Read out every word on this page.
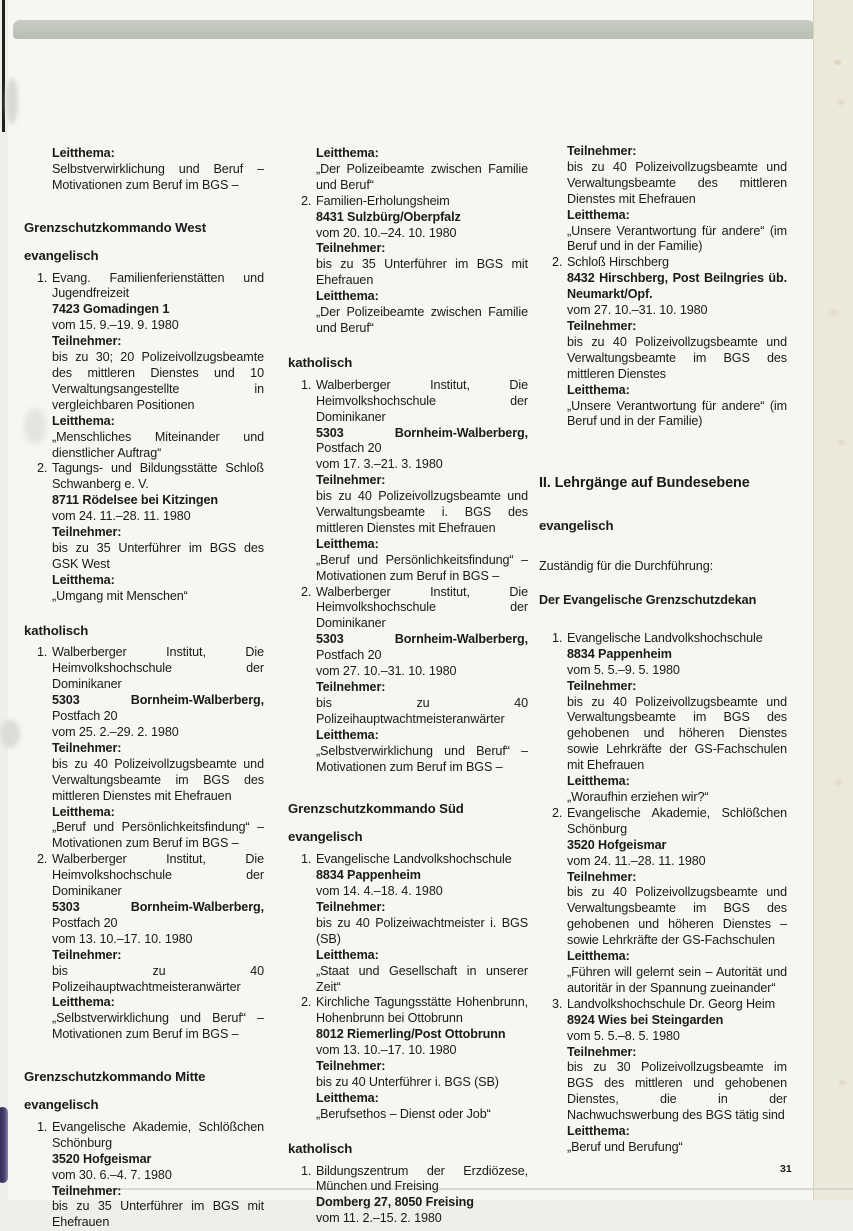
Leitthema:

Selbstverwirklichung und Beruf – Motivationen zum Beruf im BGS –

Grenzschutzkommando West
evangelisch
1. Evang. Familienferienstätten und Jugendfreizeit

7423 Gomadingen 1

vom 15. 9.–19. 9. 1980

Teilnehmer:

bis zu 30; 20 Polizeivollzugsbeamte des mittleren Dienstes und 10 Verwaltungsangestellte in vergleichbaren Positionen

Leitthema:

„Menschliches Miteinander und dienstlicher Auftrag“

2. Tagungs- und Bildungsstätte Schloß Schwanberg e. V.

8711 Rödelsee bei Kitzingen

vom 24. 11.–28. 11. 1980

Teilnehmer:

bis zu 35 Unterführer im BGS des GSK West

Leitthema:

„Umgang mit Menschen“

katholisch
1. Walberberger Institut, Die Heimvolkshochschule der Dominikaner

5303 Bornheim-Walberberg, Postfach 20

vom 25. 2.–29. 2. 1980

Teilnehmer:

bis zu 40 Polizeivollzugsbeamte und Verwaltungsbeamte im BGS des mittleren Dienstes mit Ehefrauen

Leitthema:

„Beruf und Persönlichkeitsfindung“ – Motivationen zum Beruf im BGS –

2. Walberberger Institut, Die Heimvolkshochschule der Dominikaner

5303 Bornheim-Walberberg, Postfach 20

vom 13. 10.–17. 10. 1980

Teilnehmer:

bis zu 40 Polizeihauptwachtmeisteranwärter

Leitthema:

„Selbstverwirklichung und Beruf“ – Motivationen zum Beruf im BGS –

Grenzschutzkommando Mitte
evangelisch
1. Evangelische Akademie, Schlößchen Schönburg

3520 Hofgeismar

vom 30. 6.–4. 7. 1980

Teilnehmer:

bis zu 35 Unterführer im BGS mit Ehefrauen

Leitthema:

„Der Polizeibeamte zwischen Familie und Beruf“

2. Familien-Erholungsheim

8431 Sulzbürg/Oberpfalz

vom 20. 10.–24. 10. 1980

Teilnehmer:

bis zu 35 Unterführer im BGS mit Ehefrauen

Leitthema:

„Der Polizeibeamte zwischen Familie und Beruf“

katholisch
1. Walberberger Institut, Die Heimvolkshochschule der Dominikaner

5303 Bornheim-Walberberg, Postfach 20

vom 17. 3.–21. 3. 1980

Teilnehmer:

bis zu 40 Polizeivollzugsbeamte und Verwaltungsbeamte i. BGS des mittleren Dienstes mit Ehefrauen

Leitthema:

„Beruf und Persönlichkeitsfindung“ – Motivationen zum Beruf in BGS –

2. Walberberger Institut, Die Heimvolkshochschule der Dominikaner

5303 Bornheim-Walberberg, Postfach 20

vom 27. 10.–31. 10. 1980

Teilnehmer:

bis zu 40 Polizeihauptwachtmeisteranwärter

Leitthema:

„Selbstverwirklichung und Beruf“ – Motivationen zum Beruf im BGS –

Grenzschutzkommando Süd
evangelisch
1. Evangelische Landvolkshochschule

8834 Pappenheim

vom 14. 4.–18. 4. 1980

Teilnehmer:

bis zu 40 Polizeiwachtmeister i. BGS (SB)

Leitthema:

„Staat und Gesellschaft in unserer Zeit“

2. Kirchliche Tagungsstätte Hohenbrunn, Hohenbrunn bei Ottobrunn

8012 Riemerling/Post Ottobrunn

vom 13. 10.–17. 10. 1980

Teilnehmer:

bis zu 40 Unterführer i. BGS (SB)

Leitthema:

„Berufsethos – Dienst oder Job“

katholisch
1. Bildungszentrum der Erzdiözese, München und Freising

Domberg 27, 8050 Freising

vom 11. 2.–15. 2. 1980

Teilnehmer:

bis zu 40 Polizeivollzugsbeamte und Verwaltungsbeamte des mittleren Dienstes mit Ehefrauen

Leitthema:

„Unsere Verantwortung für andere“ (im Beruf und in der Familie)

2. Schloß Hirschberg

8432 Hirschberg, Post Beilngries üb. Neumarkt/Opf.

vom 27. 10.–31. 10. 1980

Teilnehmer:

bis zu 40 Polizeivollzugsbeamte und Verwaltungsbeamte im BGS des mittleren Dienstes

Leitthema:

„Unsere Verantwortung für andere“ (im Beruf und in der Familie)

II. Lehrgänge auf Bundesebene
evangelisch
Zuständig für die Durchführung:
Der Evangelische Grenzschutzdekan
1. Evangelische Landvolkshochschule

8834 Pappenheim

vom 5. 5.–9. 5. 1980

Teilnehmer:

bis zu 40 Polizeivollzugsbeamte und Verwaltungsbeamte im BGS des gehobenen und höheren Dienstes sowie Lehrkräfte der GS-Fachschulen mit Ehefrauen

Leitthema:

„Woraufhin erziehen wir?“

2. Evangelische Akademie, Schlößchen Schönburg

3520 Hofgeismar

vom 24. 11.–28. 11. 1980

Teilnehmer:

bis zu 40 Polizeivollzugsbeamte und Verwaltungsbeamte im BGS des gehobenen und höheren Dienstes – sowie Lehrkräfte der GS-Fachschulen

Leitthema:

„Führen will gelernt sein – Autorität und autoritär in der Spannung zueinander“

3. Landvolkshochschule Dr. Georg Heim

8924 Wies bei Steingarden

vom 5. 5.–8. 5. 1980

Teilnehmer:

bis zu 30 Polizeivollzugsbeamte im BGS des mittleren und gehobenen Dienstes, die in der Nachwuchswerbung des BGS tätig sind

Leitthema:

„Beruf und Berufung“

31
